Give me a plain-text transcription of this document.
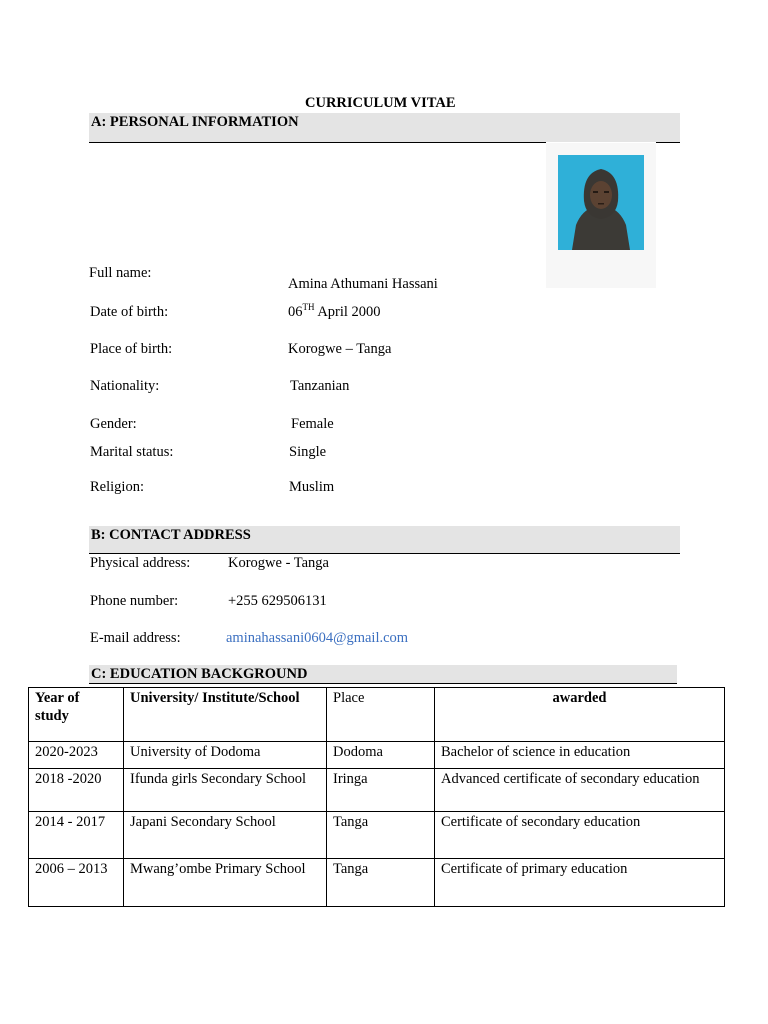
CURRICULUM VITAE
A: PERSONAL INFORMATION
Full name:
Amina Athumani Hassani
Date of birth:	06TH April 2000
Place of birth:	Korogwe – Tanga
Nationality:	Tanzanian
Gender:	Female
Marital status:	Single
Religion:	Muslim
B: CONTACT ADDRESS
Physical address:	Korogwe - Tanga
Phone number:	+255 629506131
E-mail address:	aminahassani0604@gmail.com
C: EDUCATION BACKGROUND
Year of study	University/ Institute/School	Place	awarded
2020-2023	University of Dodoma	Dodoma	Bachelor of science in education
2018 -2020	Ifunda girls Secondary School	Iringa	Advanced certificate of secondary education
2014 - 2017	Japani Secondary School	Tanga	Certificate of secondary education
2006 – 2013	Mwang’ombe Primary School	Tanga	Certificate of primary education
